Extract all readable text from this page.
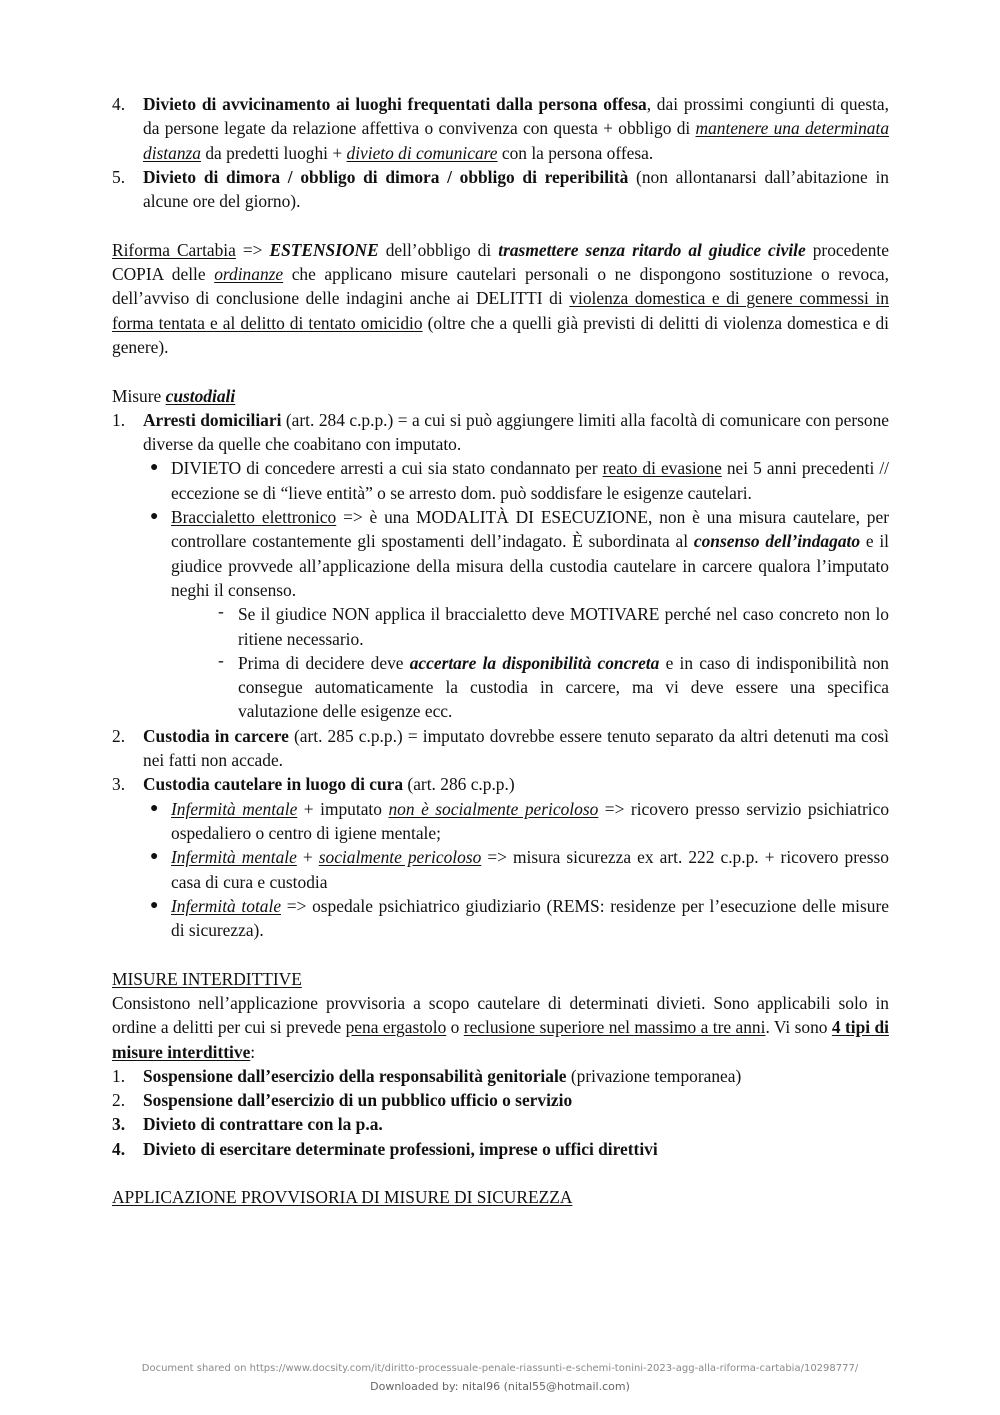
4. Divieto di avvicinamento ai luoghi frequentati dalla persona offesa, dai prossimi congiunti di questa, da persone legate da relazione affettiva o convivenza con questa + obbligo di mantenere una determinata distanza da predetti luoghi + divieto di comunicare con la persona offesa.
5. Divieto di dimora / obbligo di dimora / obbligo di reperibilità (non allontanarsi dall’abitazione in alcune ore del giorno).

Riforma Cartabia => ESTENSIONE dell’obbligo di trasmettere senza ritardo al giudice civile procedente COPIA delle ordinanze che applicano misure cautelari personali o ne dispongono sostituzione o revoca, dell’avviso di conclusione delle indagini anche ai DELITTI di violenza domestica e di genere commessi in forma tentata e al delitto di tentato omicidio (oltre che a quelli già previsti di delitti di violenza domestica e di genere).

Misure custodiali

1. Arresti domiciliari (art. 284 c.p.p.) = a cui si può aggiungere limiti alla facoltà di comunicare con persone diverse da quelle che coabitano con imputato.
● DIVIETO di concedere arresti a cui sia stato condannato per reato di evasione nei 5 anni precedenti // eccezione se di “lieve entità” o se arresto dom. può soddisfare le esigenze cautelari.
● Braccialetto elettronico => è una MODALITÀ DI ESECUZIONE, non è una misura cautelare, per controllare costantemente gli spostamenti dell’indagato. È subordinata al consenso dell’indagato e il giudice provvede all’applicazione della misura della custodia cautelare in carcere qualora l’imputato neghi il consenso.
- Se il giudice NON applica il braccialetto deve MOTIVARE perché nel caso concreto non lo ritiene necessario.
- Prima di decidere deve accertare la disponibilità concreta e in caso di indisponibilità non consegue automaticamente la custodia in carcere, ma vi deve essere una specifica valutazione delle esigenze ecc.
2. Custodia in carcere (art. 285 c.p.p.) = imputato dovrebbe essere tenuto separato da altri detenuti ma così nei fatti non accade.
3. Custodia cautelare in luogo di cura (art. 286 c.p.p.)
● Infermità mentale + imputato non è socialmente pericoloso => ricovero presso servizio psichiatrico ospedaliero o centro di igiene mentale;
● Infermità mentale + socialmente pericoloso => misura sicurezza ex art. 222 c.p.p. + ricovero presso casa di cura e custodia
● Infermità totale => ospedale psichiatrico giudiziario (REMS: residenze per l’esecuzione delle misure di sicurezza).

MISURE INTERDITTIVE

Consistono nell’applicazione provvisoria a scopo cautelare di determinati divieti. Sono applicabili solo in ordine a delitti per cui si prevede pena ergastolo o reclusione superiore nel massimo a tre anni. Vi sono 4 tipi di misure interdittive:

1. Sospensione dall’esercizio della responsabilità genitoriale (privazione temporanea)
2. Sospensione dall’esercizio di un pubblico ufficio o servizio
3. Divieto di contrattare con la p.a.
4. Divieto di esercitare determinate professioni, imprese o uffici direttivi

APPLICAZIONE PROVVISORIA DI MISURE DI SICUREZZA

Document shared on https://www.docsity.com/it/diritto-processuale-penale-riassunti-e-schemi-tonini-2023-agg-alla-riforma-cartabia/10298777/
Downloaded by: nital96 (nital55@hotmail.com)
